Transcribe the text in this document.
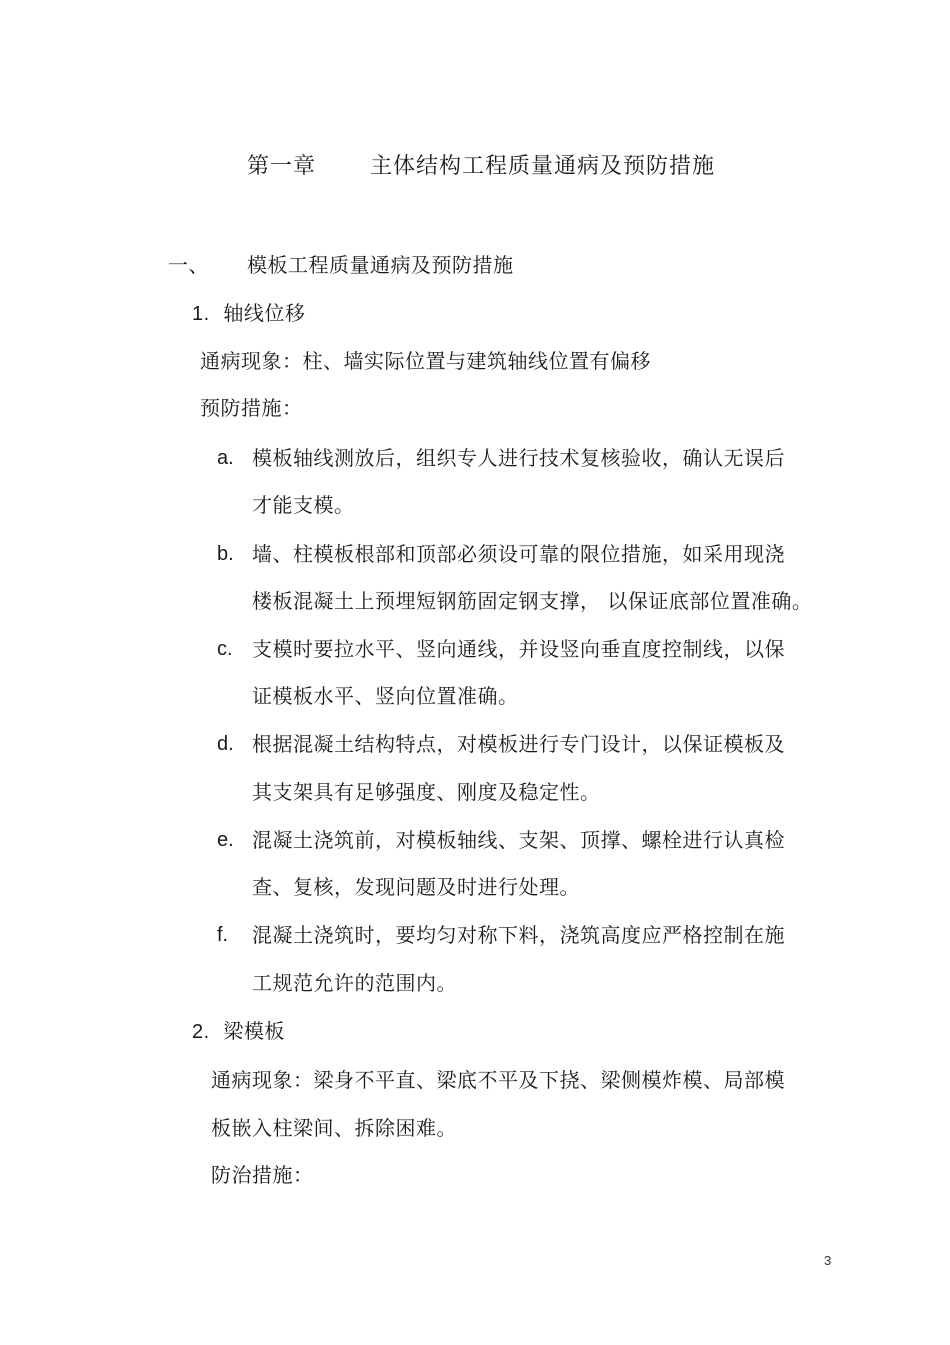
第一章 主体结构工程质量通病及预防措施
一、 模板工程质量通病及预防措施
1. 轴线位移
通病现象：柱、墙实际位置与建筑轴线位置有偏移
预防措施：
a. 模板轴线测放后，组织专人进行技术复核验收，确认无误后
才能支模。
b. 墙、柱模板根部和顶部必须设可靠的限位措施，如采用现浇
楼板混凝土上预埋短钢筋固定钢支撑， 以保证底部位置准确。
c. 支模时要拉水平、竖向通线，并设竖向垂直度控制线，以保
证模板水平、竖向位置准确。
d. 根据混凝土结构特点，对模板进行专门设计，以保证模板及
其支架具有足够强度、刚度及稳定性。
e. 混凝土浇筑前，对模板轴线、支架、顶撑、螺栓进行认真检
查、复核，发现问题及时进行处理。
f. 混凝土浇筑时，要均匀对称下料，浇筑高度应严格控制在施
工规范允许的范围内。
2. 梁模板
通病现象：梁身不平直、梁底不平及下挠、梁侧模炸模、局部模
板嵌入柱梁间、拆除困难。
防治措施：
3
